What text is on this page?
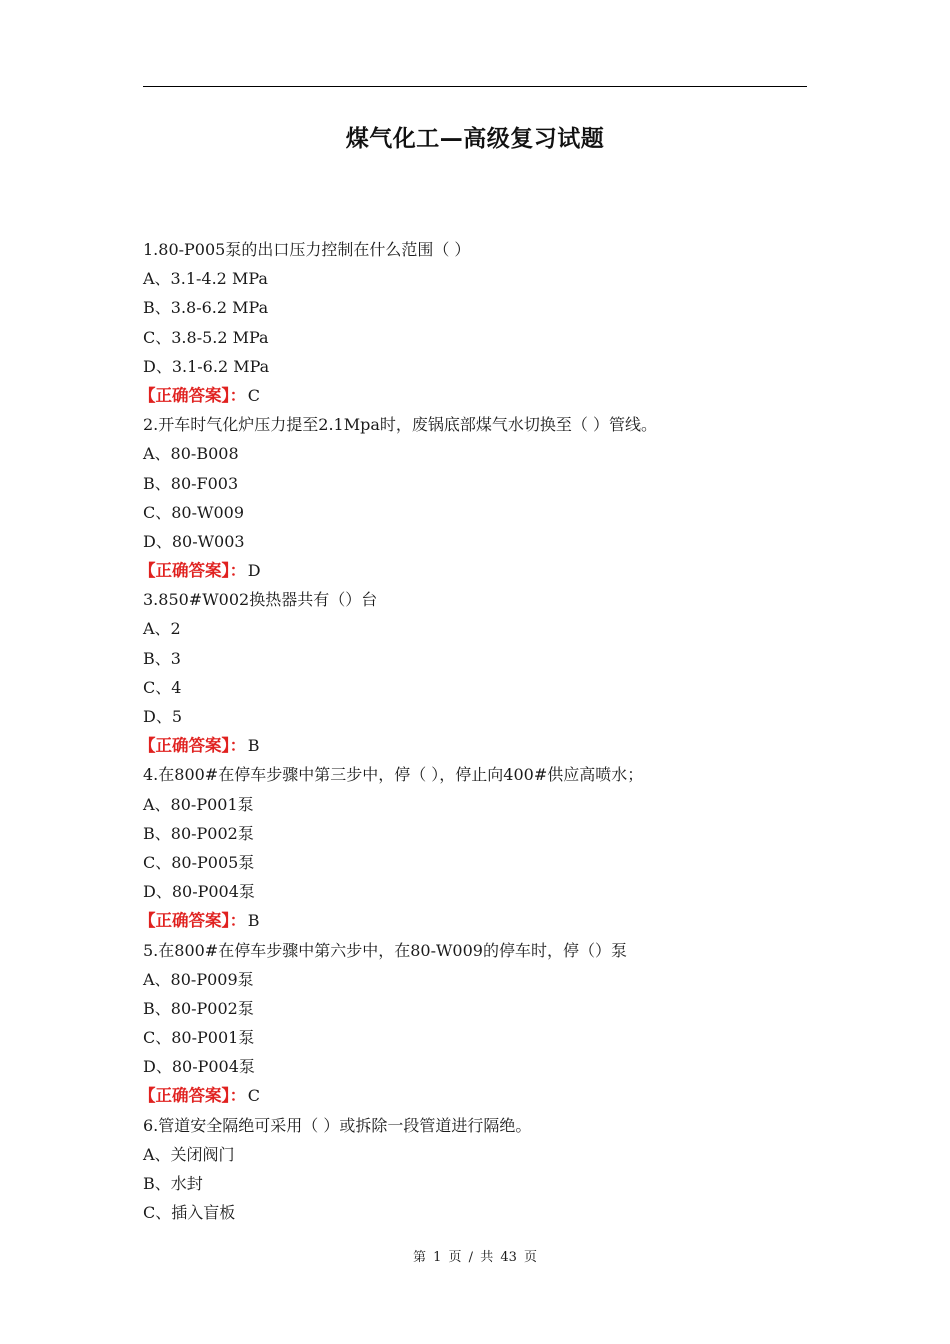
煤气化工—高级复习试题
1.80-P005泵的出口压力控制在什么范围（ ）
A、3.1-4.2 MPa
B、3.8-6.2 MPa
C、3.8-5.2 MPa
D、3.1-6.2 MPa
【正确答案】： C
2.开车时气化炉压力提至2.1Mpa时，废锅底部煤气水切换至（ ）管线。
A、80-B008
B、80-F003
C、80-W009
D、80-W003
【正确答案】： D
3.850#W002换热器共有（）台
A、2
B、3
C、4
D、5
【正确答案】： B
4.在800#在停车步骤中第三步中，停（ ），停止向400#供应高喷水；
A、80-P001泵
B、80-P002泵
C、80-P005泵
D、80-P004泵
【正确答案】： B
5.在800#在停车步骤中第六步中，在80-W009的停车时，停（）泵
A、80-P009泵
B、80-P002泵
C、80-P001泵
D、80-P004泵
【正确答案】： C
6.管道安全隔绝可采用（ ）或拆除一段管道进行隔绝。
A、关闭阀门
B、水封
C、插入盲板
第 1 页 / 共 43 页
